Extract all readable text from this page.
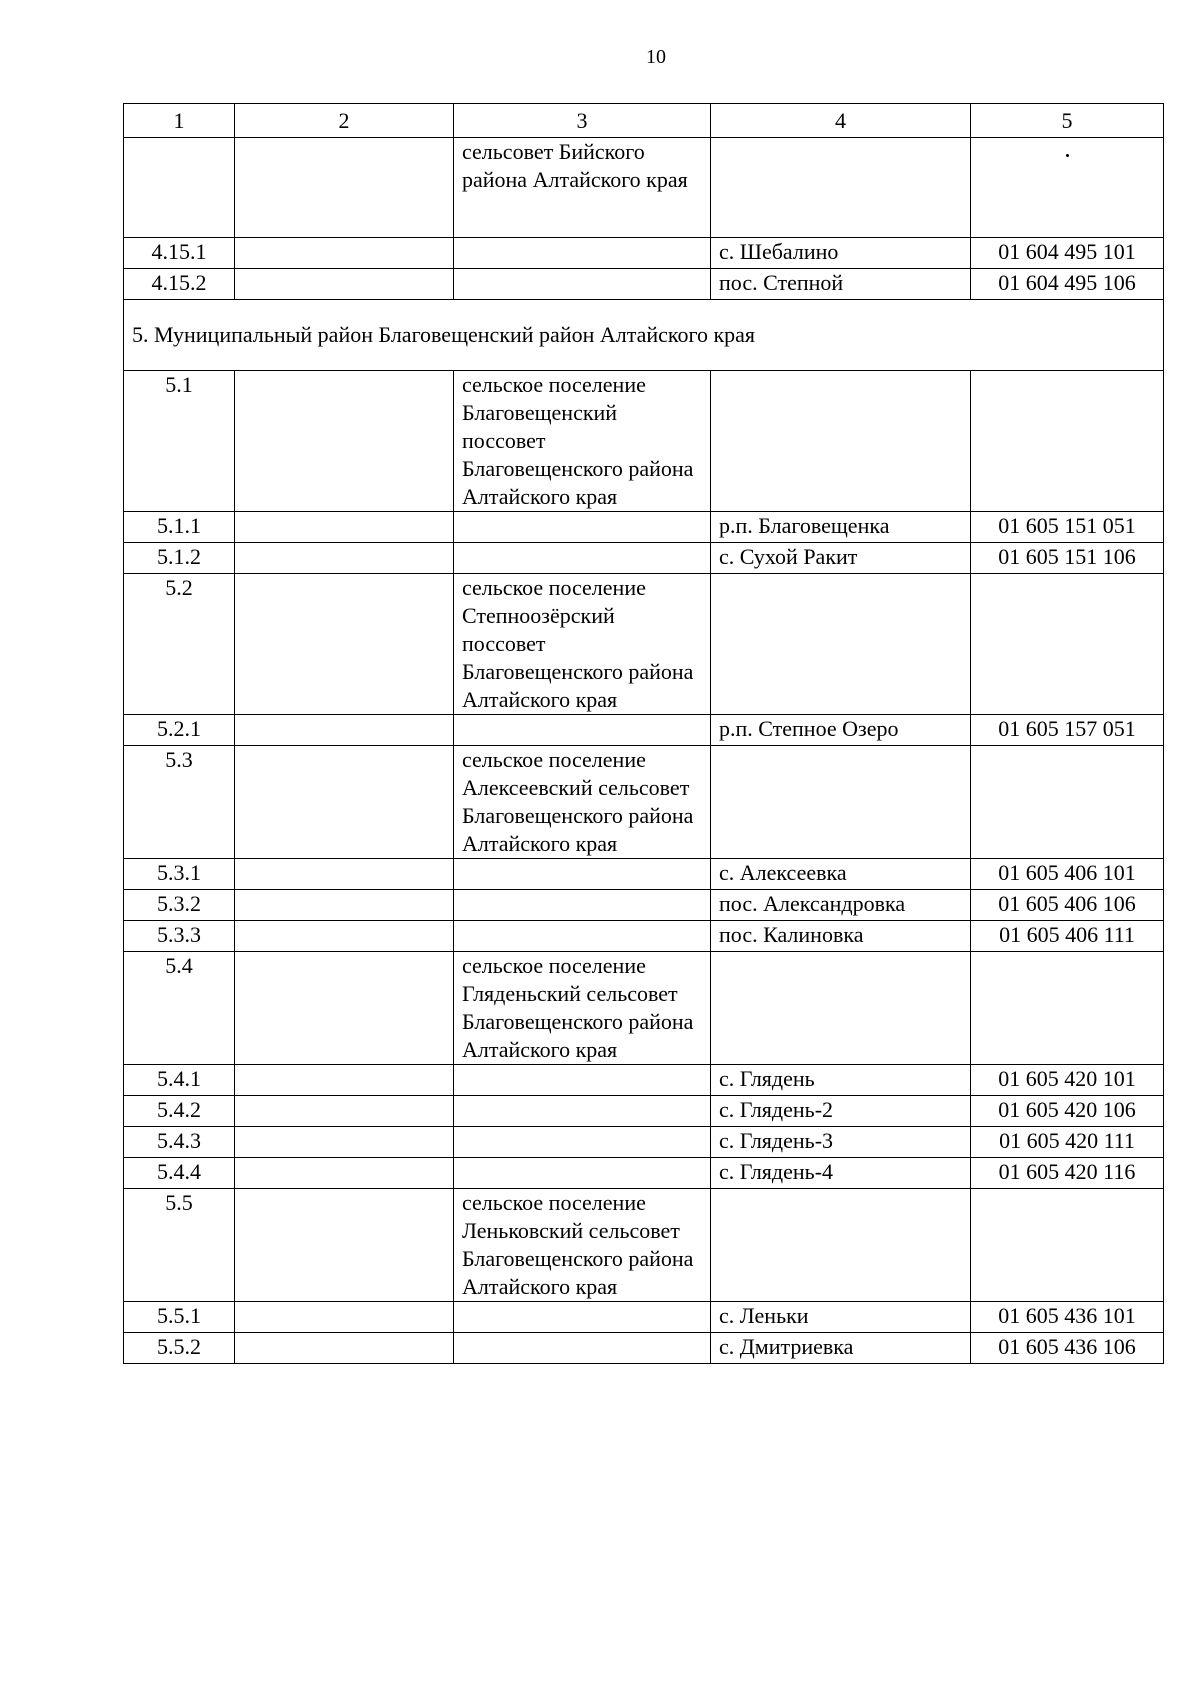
10
1	2	3	4	5
		сельсовет Бийского района Алтайского края		

4.15.1			с. Шебалино	01 604 495 101
4.15.2			пос. Степной	01 604 495 106
5. Муниципальный район Благовещенский район Алтайского края				
5.1		сельское поселение Благовещенский поссовет Благовещенского района Алтайского края		
5.1.1			р.п. Благовещенка	01 605 151 051
5.1.2			с. Сухой Ракит	01 605 151 106
5.2		сельское поселение Степноозёрский поссовет Благовещенского района Алтайского края		
5.2.1			р.п. Степное Озеро	01 605 157 051
5.3		сельское поселение Алексеевский сельсовет Благовещенского района Алтайского края		
5.3.1			с. Алексеевка	01 605 406 101
5.3.2			пос. Александровка	01 605 406 106
5.3.3			пос. Калиновка	01 605 406 111
5.4		сельское поселение Гляденьский сельсовет Благовещенского района Алтайского края		
5.4.1			с. Глядень	01 605 420 101
5.4.2			с. Глядень-2	01 605 420 106
5.4.3			с. Глядень-3	01 605 420 111
5.4.4			с. Глядень-4	01 605 420 116
5.5		сельское поселение Леньковский сельсовет Благовещенского района Алтайского края		
5.5.1			с. Леньки	01 605 436 101
5.5.2			с. Дмитриевка	01 605 436 106
